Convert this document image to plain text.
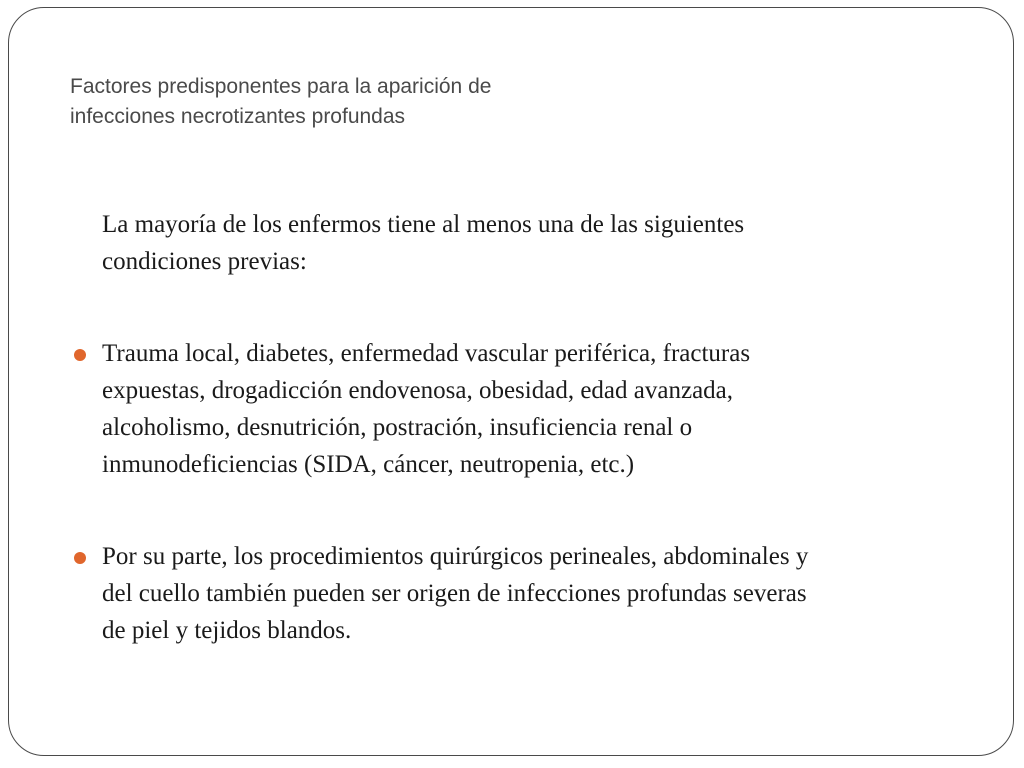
Factores predisponentes para la aparición de
infecciones necrotizantes profundas

La mayoría de los enfermos tiene al menos una de las siguientes
condiciones previas:

Trauma local, diabetes, enfermedad vascular periférica, fracturas
expuestas, drogadicción endovenosa, obesidad, edad avanzada,
alcoholismo, desnutrición, postración, insuficiencia renal o
inmunodeficiencias (SIDA, cáncer, neutropenia, etc.)
Por su parte, los procedimientos quirúrgicos perineales, abdominales y
del cuello también pueden ser origen de infecciones profundas severas
de piel y tejidos blandos.
